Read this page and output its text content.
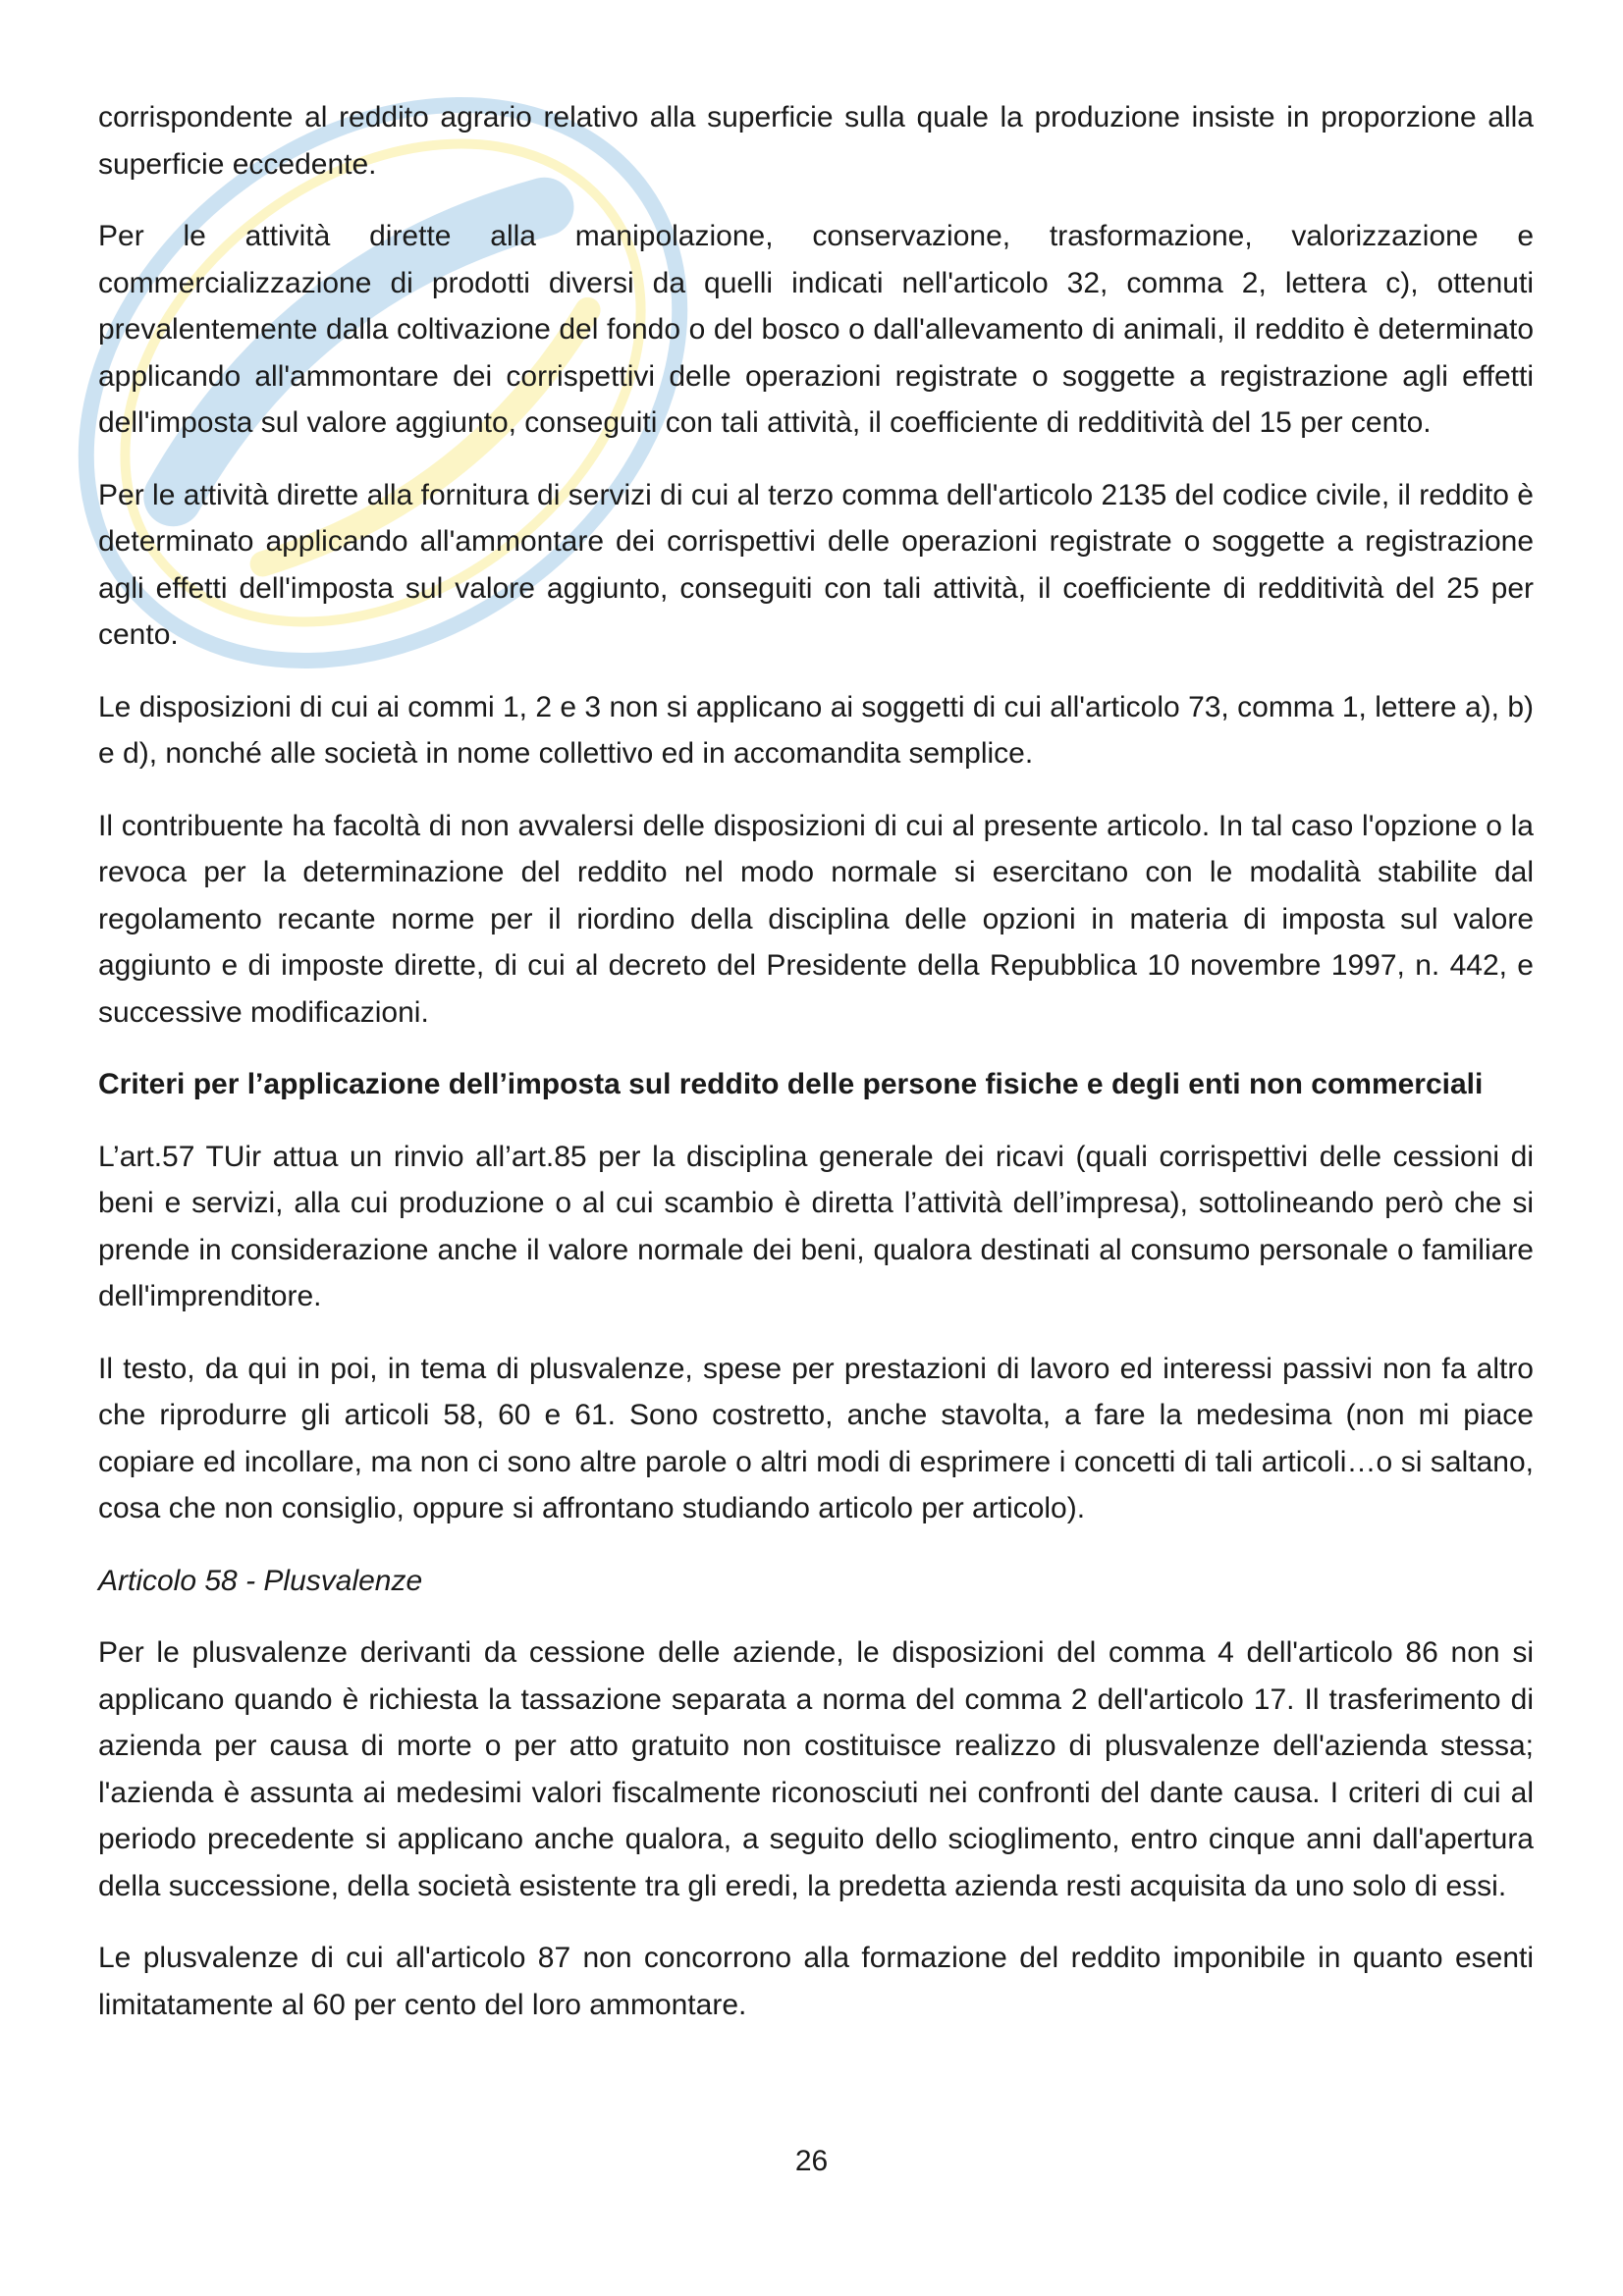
corrispondente al reddito agrario relativo alla superficie sulla quale la produzione insiste in proporzione alla superficie eccedente.

Per le attività dirette alla manipolazione, conservazione, trasformazione, valorizzazione e commercializzazione di prodotti diversi da quelli indicati nell'articolo 32, comma 2, lettera c), ottenuti prevalentemente dalla coltivazione del fondo o del bosco o dall'allevamento di animali, il reddito è determinato applicando all'ammontare dei corrispettivi delle operazioni registrate o soggette a registrazione agli effetti dell'imposta sul valore aggiunto, conseguiti con tali attività, il coefficiente di redditività del 15 per cento.

Per le attività dirette alla fornitura di servizi di cui al terzo comma dell'articolo 2135 del codice civile, il reddito è determinato applicando all'ammontare dei corrispettivi delle operazioni registrate o soggette a registrazione agli effetti dell'imposta sul valore aggiunto, conseguiti con tali attività, il coefficiente di redditività del 25 per cento.

Le disposizioni di cui ai commi 1, 2 e 3 non si applicano ai soggetti di cui all'articolo 73, comma 1, lettere a), b) e d), nonché alle società in nome collettivo ed in accomandita semplice.

Il contribuente ha facoltà di non avvalersi delle disposizioni di cui al presente articolo. In tal caso l'opzione o la revoca per la determinazione del reddito nel modo normale si esercitano con le modalità stabilite dal regolamento recante norme per il riordino della disciplina delle opzioni in materia di imposta sul valore aggiunto e di imposte dirette, di cui al decreto del Presidente della Repubblica 10 novembre 1997, n. 442, e successive modificazioni.

Criteri per l’applicazione dell’imposta sul reddito delle persone fisiche e degli enti non commerciali

L’art.57 TUir attua un rinvio all’art.85 per la disciplina generale dei ricavi (quali corrispettivi delle cessioni di beni e servizi, alla cui produzione o al cui scambio è diretta l’attività dell’impresa), sottolineando però che si prende in considerazione anche il valore normale dei beni, qualora destinati al consumo personale o familiare dell'imprenditore.

Il testo, da qui in poi, in tema di plusvalenze, spese per prestazioni di lavoro ed interessi passivi non fa altro che riprodurre gli articoli 58, 60 e 61. Sono costretto, anche stavolta, a fare la medesima (non mi piace copiare ed incollare, ma non ci sono altre parole o altri modi di esprimere i concetti di tali articoli…o si saltano, cosa che non consiglio, oppure si affrontano studiando articolo per articolo).

Articolo 58 - Plusvalenze

Per le plusvalenze derivanti da cessione delle aziende, le disposizioni del comma 4 dell'articolo 86 non si applicano quando è richiesta la tassazione separata a norma del comma 2 dell'articolo 17. Il trasferimento di azienda per causa di morte o per atto gratuito non costituisce realizzo di plusvalenze dell'azienda stessa; l'azienda è assunta ai medesimi valori fiscalmente riconosciuti nei confronti del dante causa. I criteri di cui al periodo precedente si applicano anche qualora, a seguito dello scioglimento, entro cinque anni dall'apertura della successione, della società esistente tra gli eredi, la predetta azienda resti acquisita da uno solo di essi.

Le plusvalenze di cui all'articolo 87 non concorrono alla formazione del reddito imponibile in quanto esenti limitatamente al 60 per cento del loro ammontare.

26
